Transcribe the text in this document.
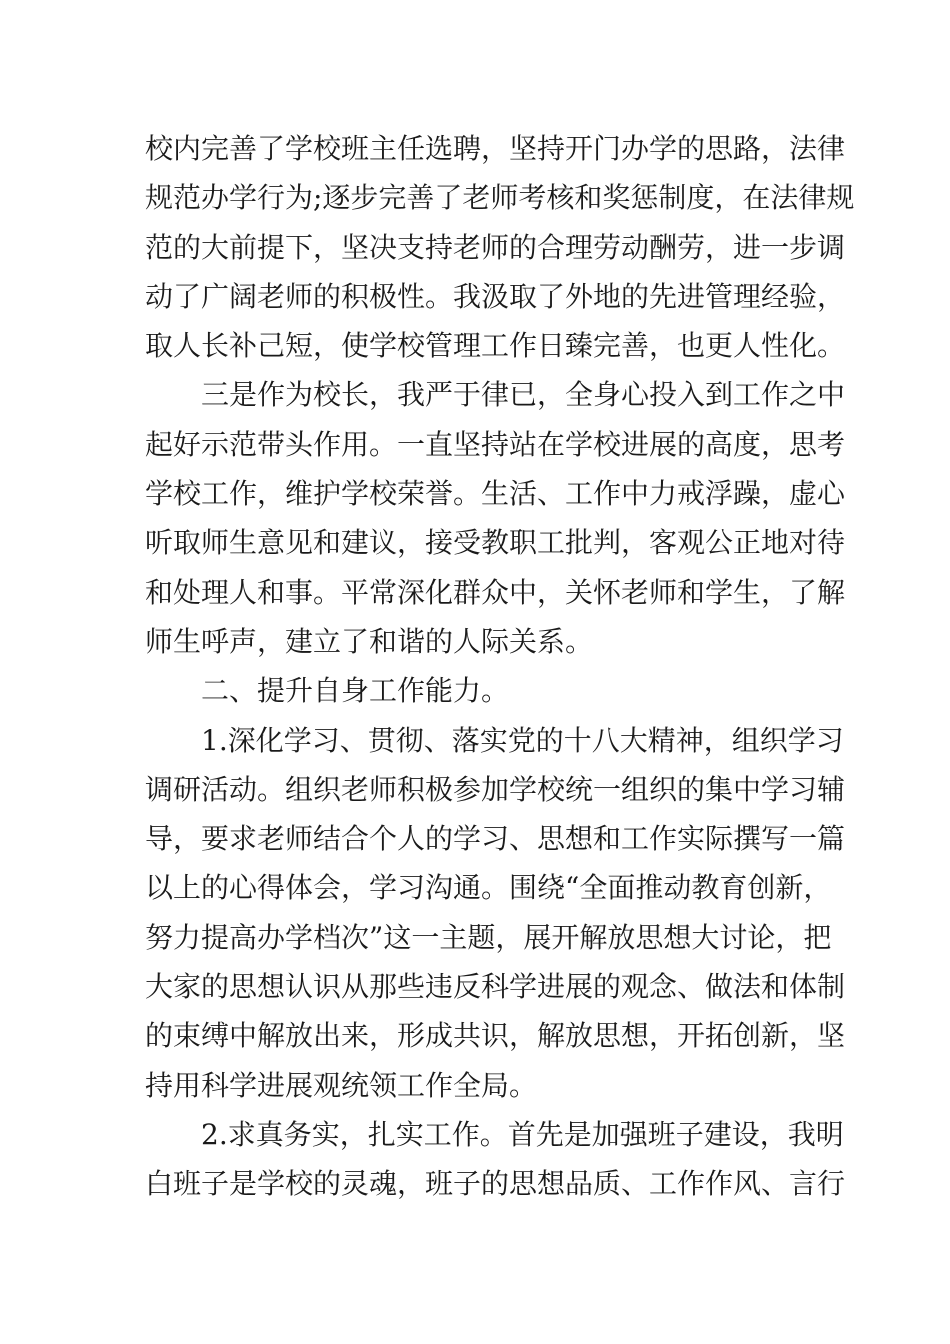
校内完善了学校班主任选聘，坚持开门办学的思路，法律
规范办学行为;逐步完善了老师考核和奖惩制度，在法律规
范的大前提下，坚决支持老师的合理劳动酬劳，进一步调
动了广阔老师的积极性。我汲取了外地的先进管理经验，
取人长补己短，使学校管理工作日臻完善，也更人性化。
三是作为校长，我严于律已，全身心投入到工作之中
起好示范带头作用。一直坚持站在学校进展的高度，思考
学校工作，维护学校荣誉。生活、工作中力戒浮躁，虚心
听取师生意见和建议，接受教职工批判，客观公正地对待
和处理人和事。平常深化群众中，关怀老师和学生，了解
师生呼声，建立了和谐的人际关系。
二、提升自身工作能力。
1.深化学习、贯彻、落实党的十八大精神，组织学习
调研活动。组织老师积极参加学校统一组织的集中学习辅
导，要求老师结合个人的学习、思想和工作实际撰写一篇
以上的心得体会，学习沟通。围绕“全面推动教育创新，
努力提高办学档次”这一主题，展开解放思想大讨论，把
大家的思想认识从那些违反科学进展的观念、做法和体制
的束缚中解放出来，形成共识，解放思想，开拓创新，坚
持用科学进展观统领工作全局。
2.求真务实，扎实工作。首先是加强班子建设，我明
白班子是学校的灵魂，班子的思想品质、工作作风、言行
